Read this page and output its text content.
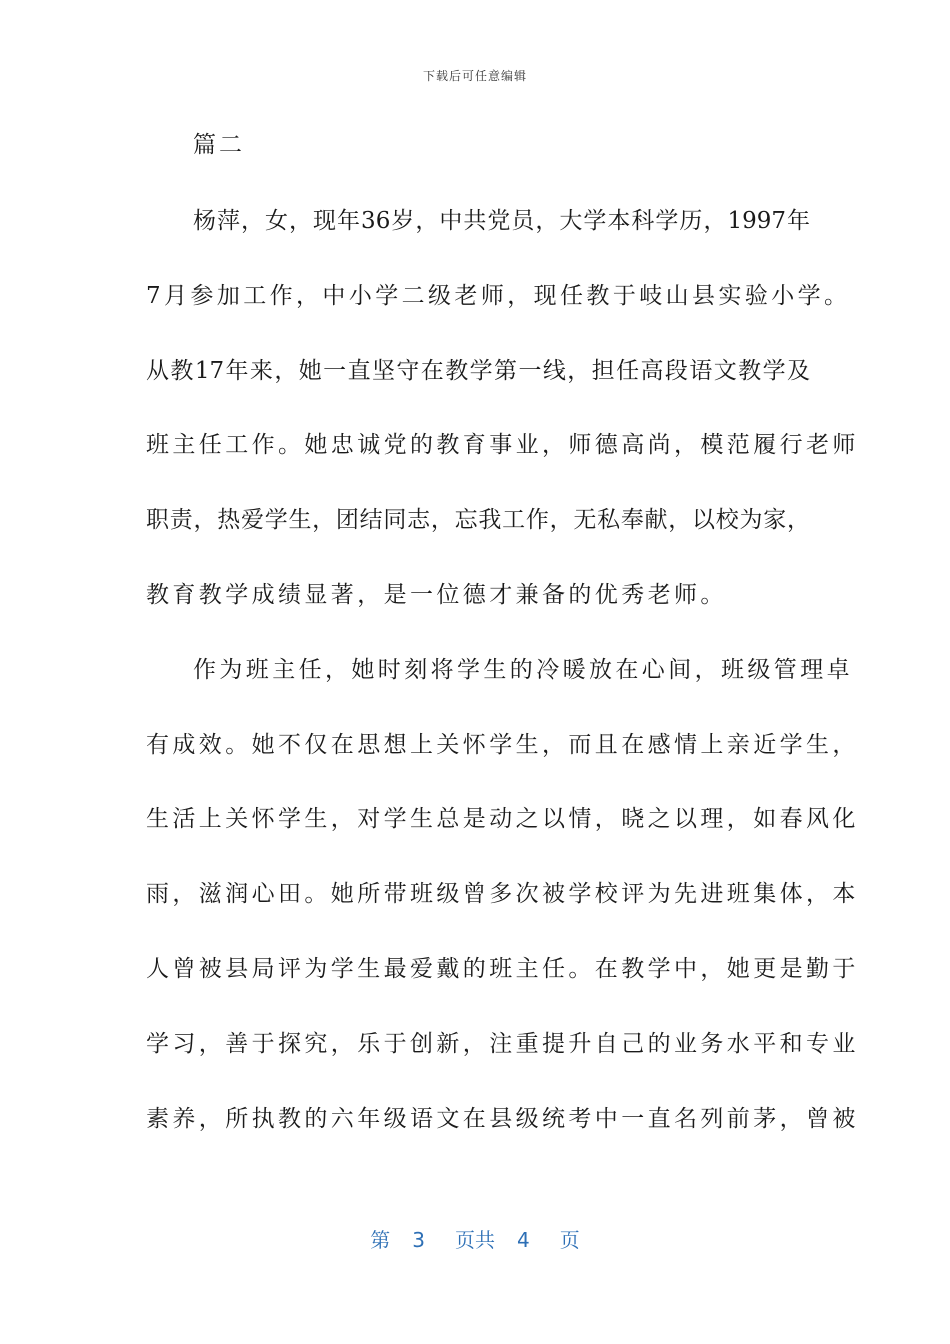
下载后可任意编辑
篇二
杨萍，女，现年36岁，中共党员，大学本科学历，1997年
7月参加工作，中小学二级老师，现任教于岐山县实验小学。
从教17年来，她一直坚守在教学第一线，担任高段语文教学及
班主任工作。她忠诚党的教育事业，师德高尚，模范履行老师
职责，热爱学生，团结同志，忘我工作，无私奉献，以校为家，
教育教学成绩显著，是一位德才兼备的优秀老师。
作为班主任，她时刻将学生的冷暖放在心间，班级管理卓
有成效。她不仅在思想上关怀学生，而且在感情上亲近学生，
生活上关怀学生，对学生总是动之以情，晓之以理，如春风化
雨，滋润心田。她所带班级曾多次被学校评为先进班集体，本
人曾被县局评为学生最爱戴的班主任。在教学中，她更是勤于
学习，善于探究，乐于创新，注重提升自己的业务水平和专业
素养，所执教的六年级语文在县级统考中一直名列前茅，曾被
第 3 页共 4 页
